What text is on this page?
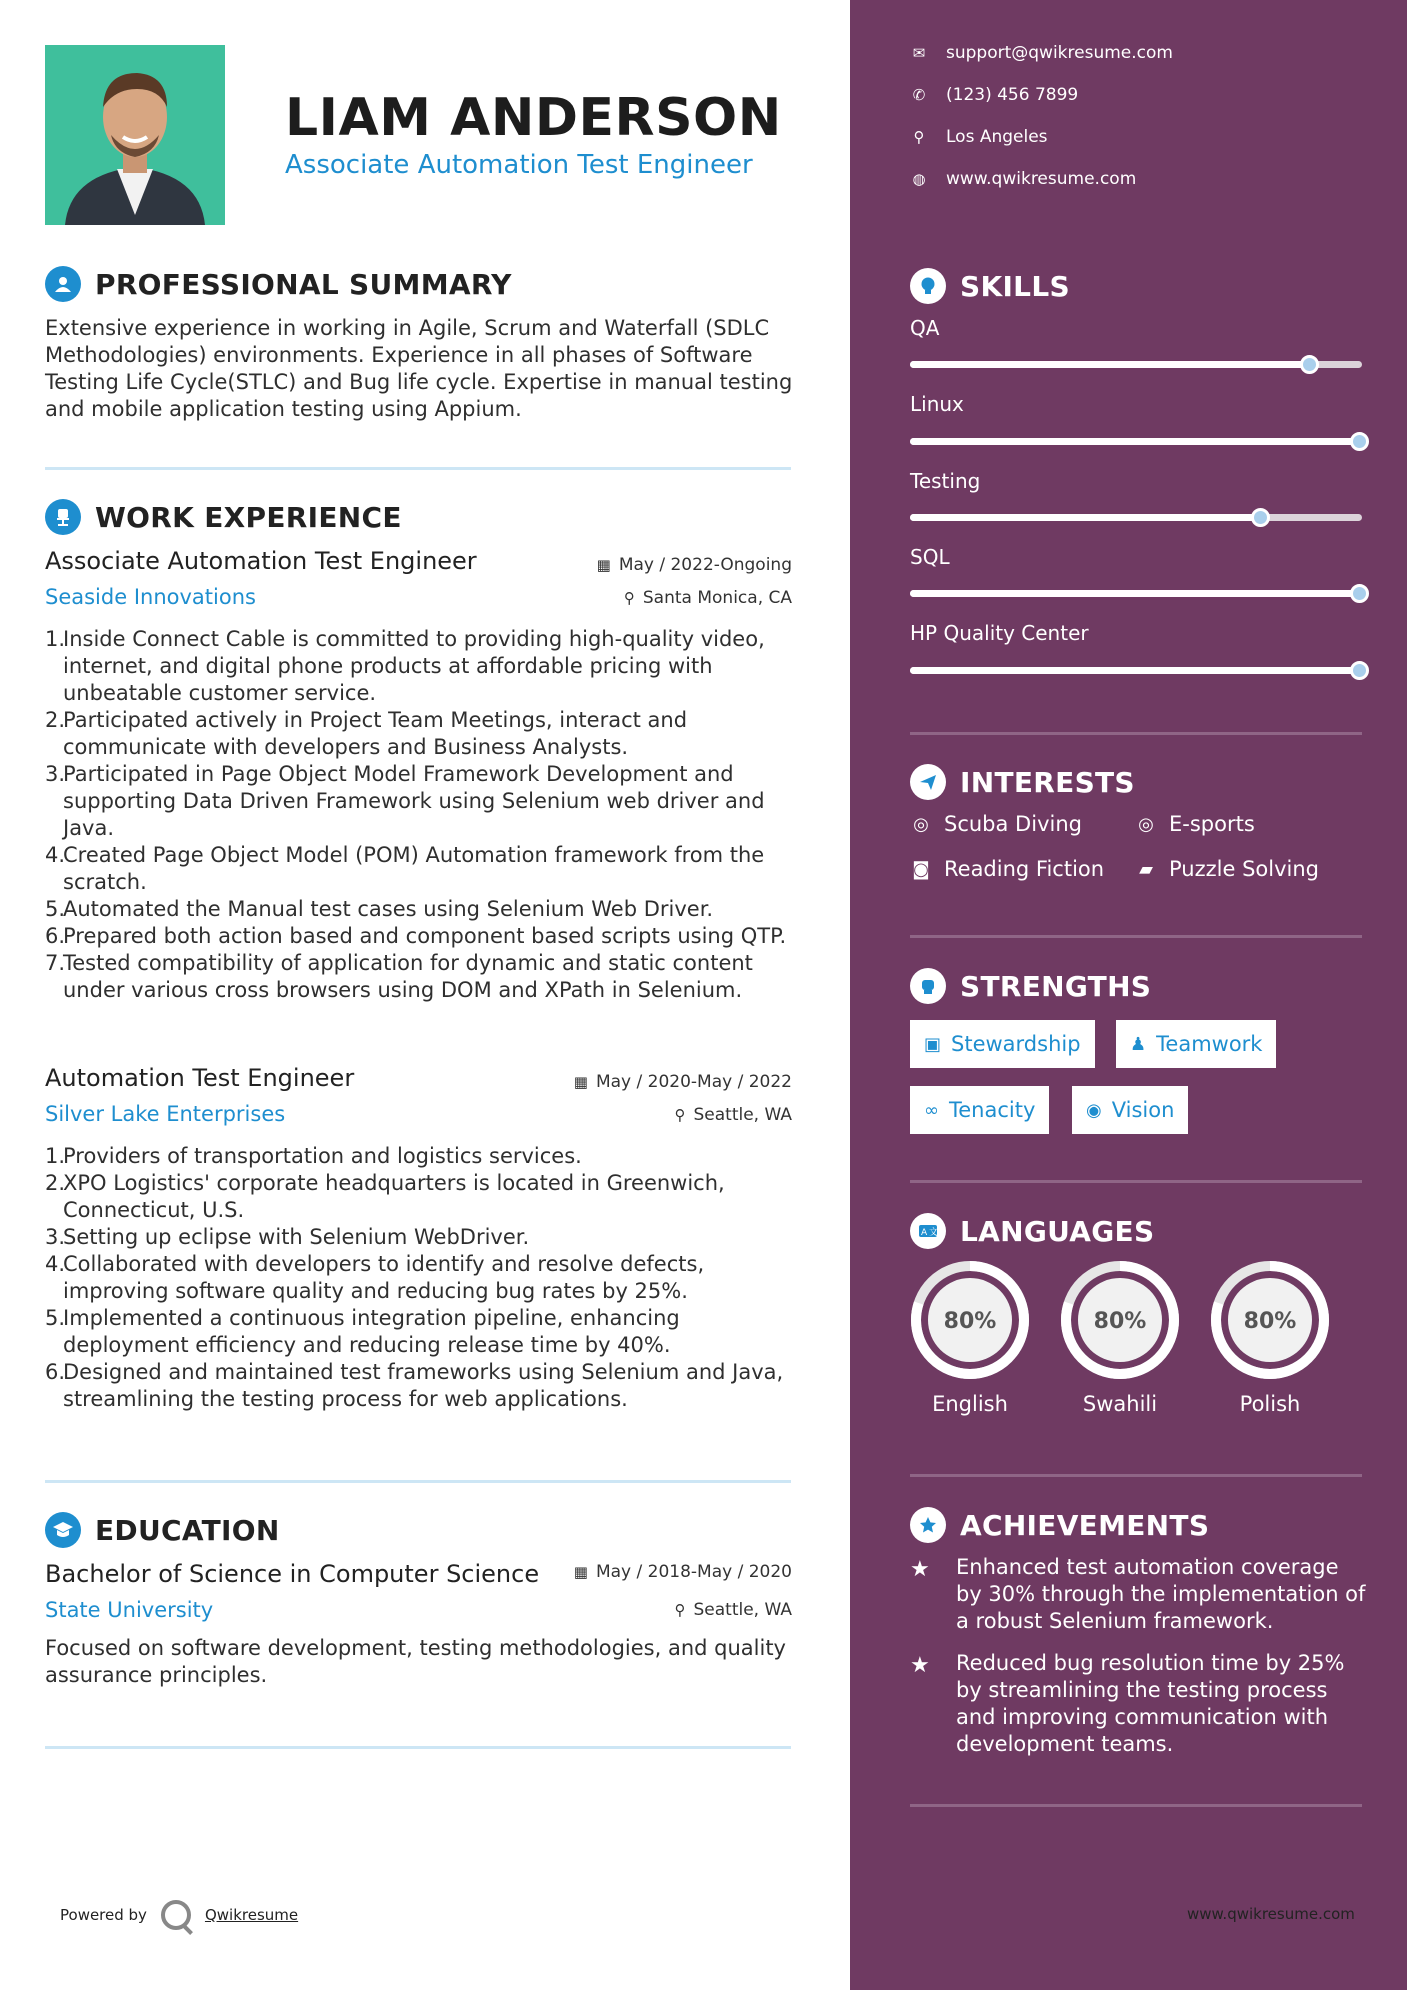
LIAM ANDERSON
Associate Automation Test Engineer
PROFESSIONAL SUMMARY
Extensive experience in working in Agile, Scrum and Waterfall (SDLC Methodologies) environments. Experience in all phases of Software Testing Life Cycle(STLC) and Bug life cycle. Expertise in manual testing and mobile application testing using Appium.
WORK EXPERIENCE
Associate Automation Test Engineer	▦ May / 2022-Ongoing
Seaside Innovations	⚲ Santa Monica, CA
1.
Inside Connect Cable is committed to providing high-quality video, internet, and digital phone products at affordable pricing with unbeatable customer service.
2.
Participated actively in Project Team Meetings, interact and communicate with developers and Business Analysts.
3.
Participated in Page Object Model Framework Development and supporting Data Driven Framework using Selenium web driver and Java.
4.
Created Page Object Model (POM) Automation framework from the scratch.
5.
Automated the Manual test cases using Selenium Web Driver.
6.
Prepared both action based and component based scripts using QTP.
7.
Tested compatibility of application for dynamic and static content under various cross browsers using DOM and XPath in Selenium.
Automation Test Engineer	▦ May / 2020-May / 2022
Silver Lake Enterprises	⚲ Seattle, WA
1.
Providers of transportation and logistics services.
2.
XPO Logistics' corporate headquarters is located in Greenwich, Connecticut, U.S.
3.
Setting up eclipse with Selenium WebDriver.
4.
Collaborated with developers to identify and resolve defects, improving software quality and reducing bug rates by 25%.
5.
Implemented a continuous integration pipeline, enhancing deployment efficiency and reducing release time by 40%.
6.
Designed and maintained test frameworks using Selenium and Java, streamlining the testing process for web applications.
EDUCATION
Bachelor of Science in Computer Science ▦ May / 2018-May / 2020
State University	⚲ Seattle, WA
Focused on software development, testing methodologies, and quality assurance principles.
Powered by	Qwikresume
✉ support@qwikresume.com
✆ (123) 456 7899
⚲ Los Angeles
◍ www.qwikresume.com
SKILLS
QA
Linux
Testing
SQL
HP Quality Center
INTERESTS
◎ Scuba Diving	◎ E-sports
◙ Reading Fiction ▰ Puzzle Solving
STRENGTHS
▣ Stewardship	♟ Teamwork
∞ Tenacity	◉ Vision
A 文 LANGUAGES
80%
English
80%
Swahili
80%
Polish
ACHIEVEMENTS
★	Enhanced test automation coverage by 30% through the implementation of a robust Selenium framework.
★	Reduced bug resolution time by 25% by streamlining the testing process and improving communication with development teams.
www.qwikresume.com
